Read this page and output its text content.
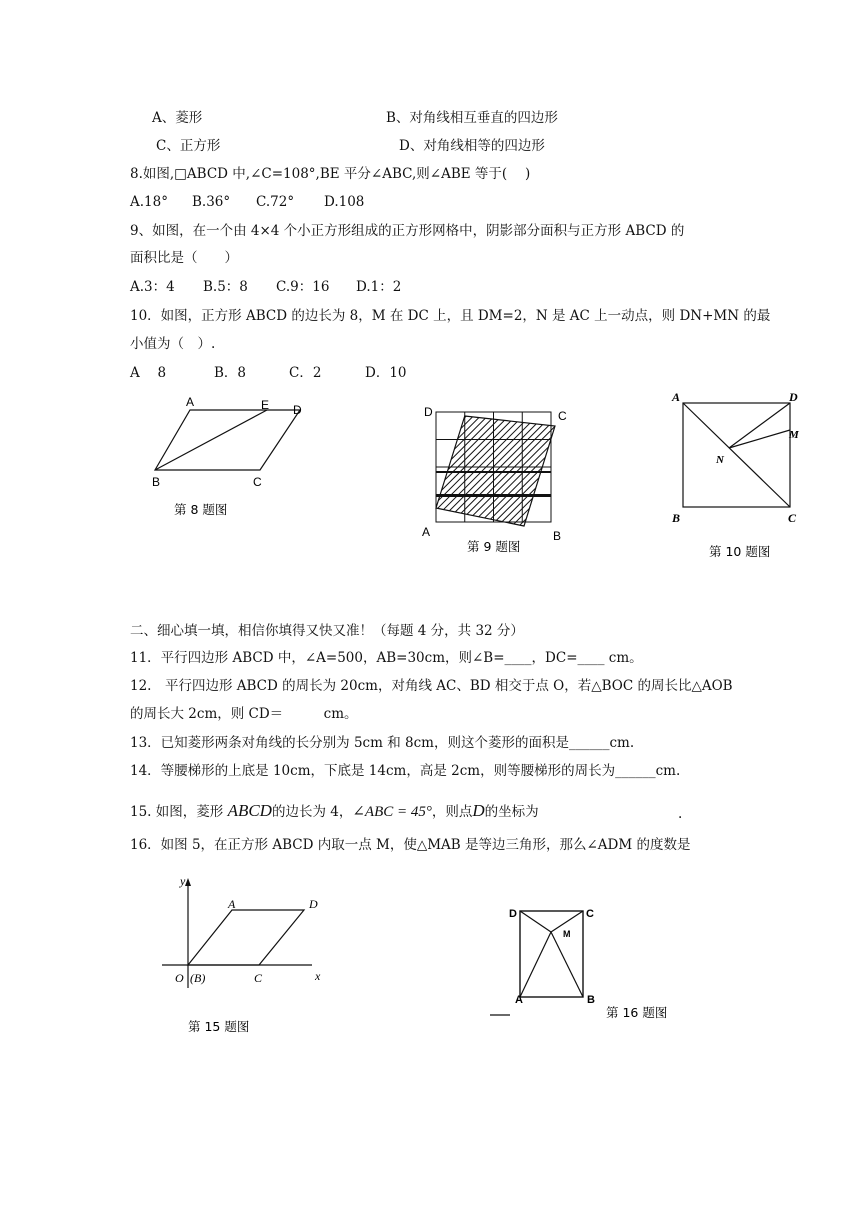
A、菱形	B、对角线相互垂直的四边形
C、正方形	D、对角线相等的四边形
8.如图,□ABCD 中,∠C=108°,BE 平分∠ABC,则∠ABE 等于(　 )
A.18° B.36° C.72° D.108
9、如图，在一个由 4×4 个小正方形组成的正方形网格中，阴影部分面积与正方形 ABCD 的
面积比是（　　）
A.3：4 B.5：8 C.9：16 D.1：2
10．如图，正方形 ABCD 的边长为 8，M 在 DC 上，且 DM=2，N 是 AC 上一动点，则 DN+MN 的最
小值为（　）.
A　 8	B．8	C．2	D．10
A	E D
B	C
第 8 题图
D	C
A	B
第 9 题图
A	D
M
N
B	C
第 10 题图
二、细心填一填，相信你填得又快又准！（每题 4 分，共 32 分）
11．平行四边形 ABCD 中，∠A=500，AB=30cm，则∠B=____，DC=____ cm。
12.　平行四边形 ABCD 的周长为 20cm，对角线 AC、BD 相交于点 O，若△BOC 的周长比△AOB
的周长大 2cm，则 CD＝　　　cm。
13．已知菱形两条对角线的长分别为 5cm 和 8cm，则这个菱形的面积是______cm.
14．等腰梯形的上底是 10cm，下底是 14cm，高是 2cm，则等腰梯形的周长为______cm.
15. 如图，菱形 ABCD的边长为 4，∠ABC = 45°，则点D的坐标为	.
16．如图 5，在正方形 ABCD 内取一点 M，使△MAB 是等边三角形，那么∠ADM 的度数是
y
x
A	D
O (B)	C
第 15 题图
D	C
M
A	B
第 16 题图
